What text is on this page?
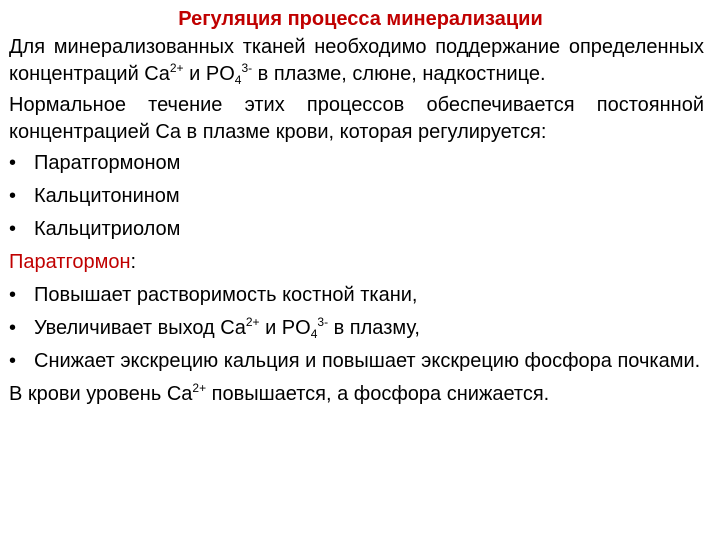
Регуляция процесса минерализации

Для минерализованных тканей необходимо поддержание определенных концентраций $Ca^{2+}$ и $PO_4^{3-}$ в плазме, слюне, надкостнице.

Нормальное течение этих процессов обеспечивается постоянной концентрацией Ca в плазме крови, которая регулируется:

• Паратгормоном
• Кальцитонином
• Кальцитриолом
Паратгормон:
• Повышает растворимость костной ткани,
• Увеличивает выход $Ca^{2+}$ и $PO_4^{3-}$ в плазму,
• Снижает экскрецию кальция и повышает экскрецию фосфора почками.

В крови уровень $Ca^{2+}$ повышается, а фосфора снижается.
